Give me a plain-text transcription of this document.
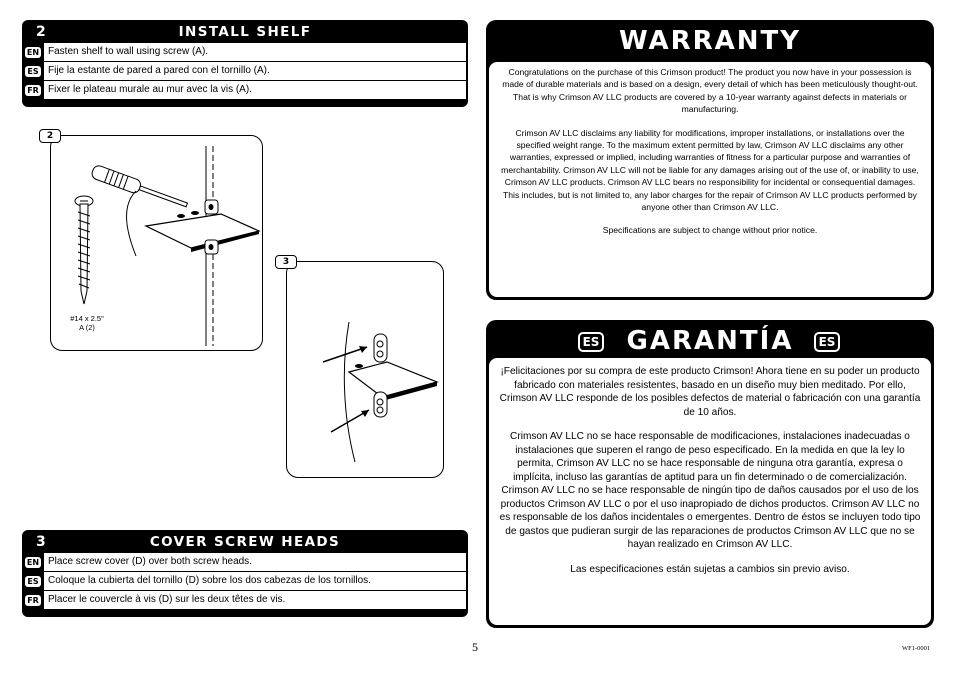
2	INSTALL SHELF
EN Fasten shelf to wall using screw (A).
ES Fije la estante de pared a pared con el tornillo (A).
FR Fixer le plateau murale au mur avec la vis (A).
2
#14 x 2.5"
A (2)
3
3	COVER SCREW HEADS
EN Place screw cover (D) over both screw heads.
ES Coloque la cubierta del tornillo (D) sobre los dos cabezas de los tornillos.
FR Placer le couvercle à vis (D) sur les deux têtes de vis.
WARRANTY

Congratulations on the purchase of this Crimson product! The product you now have in your possession is made of durable materials and is based on a design, every detail of which has been meticulously thought-out. That is why Crimson AV LLC products are covered by a 10-year warranty against defects in materials or manufacturing.

Crimson AV LLC disclaims any liability for modifications, improper installations, or installations over the specified weight range. To the maximum extent permitted by law, Crimson AV LLC disclaims any other warranties, expressed or implied, including warranties of fitness for a particular purpose and warranties of merchantability. Crimson AV LLC will not be liable for any damages arising out of the use of, or inability to use, Crimson AV LLC products. Crimson AV LLC bears no responsibility for incidental or consequential damages. This includes, but is not limited to, any labor charges for the repair of Crimson AV LLC products performed by anyone other than Crimson AV LLC.

Specifications are subject to change without prior notice.

ES	GARANTÍA	ES

¡Felicitaciones por su compra de este producto Crimson! Ahora tiene en su poder un producto fabricado con materiales resistentes, basado en un diseño muy bien meditado. Por ello, Crimson AV LLC responde de los posibles defectos de material o fabricación con una garantía de 10 años.

Crimson AV LLC no se hace responsable de modificaciones, instalaciones inadecuadas o instalaciones que superen el rango de peso especificado. En la medida en que la ley lo permita, Crimson AV LLC no se hace responsable de ninguna otra garantía, expresa o implícita, incluso las garantías de aptitud para un fin determinado o de comercialización. Crimson AV LLC no se hace responsable de ningún tipo de daños causados por el uso de los productos Crimson AV LLC o por el uso inapropiado de dichos productos. Crimson AV LLC no es responsable de los daños incidentales o emergentes. Dentro de éstos se incluyen todo tipo de gastos que pudieran surgir de las reparaciones de productos Crimson AV LLC que no se hayan realizado en Crimson AV LLC.

Las especificaciones están sujetas a cambios sin previo aviso.

5	WF1-0001
